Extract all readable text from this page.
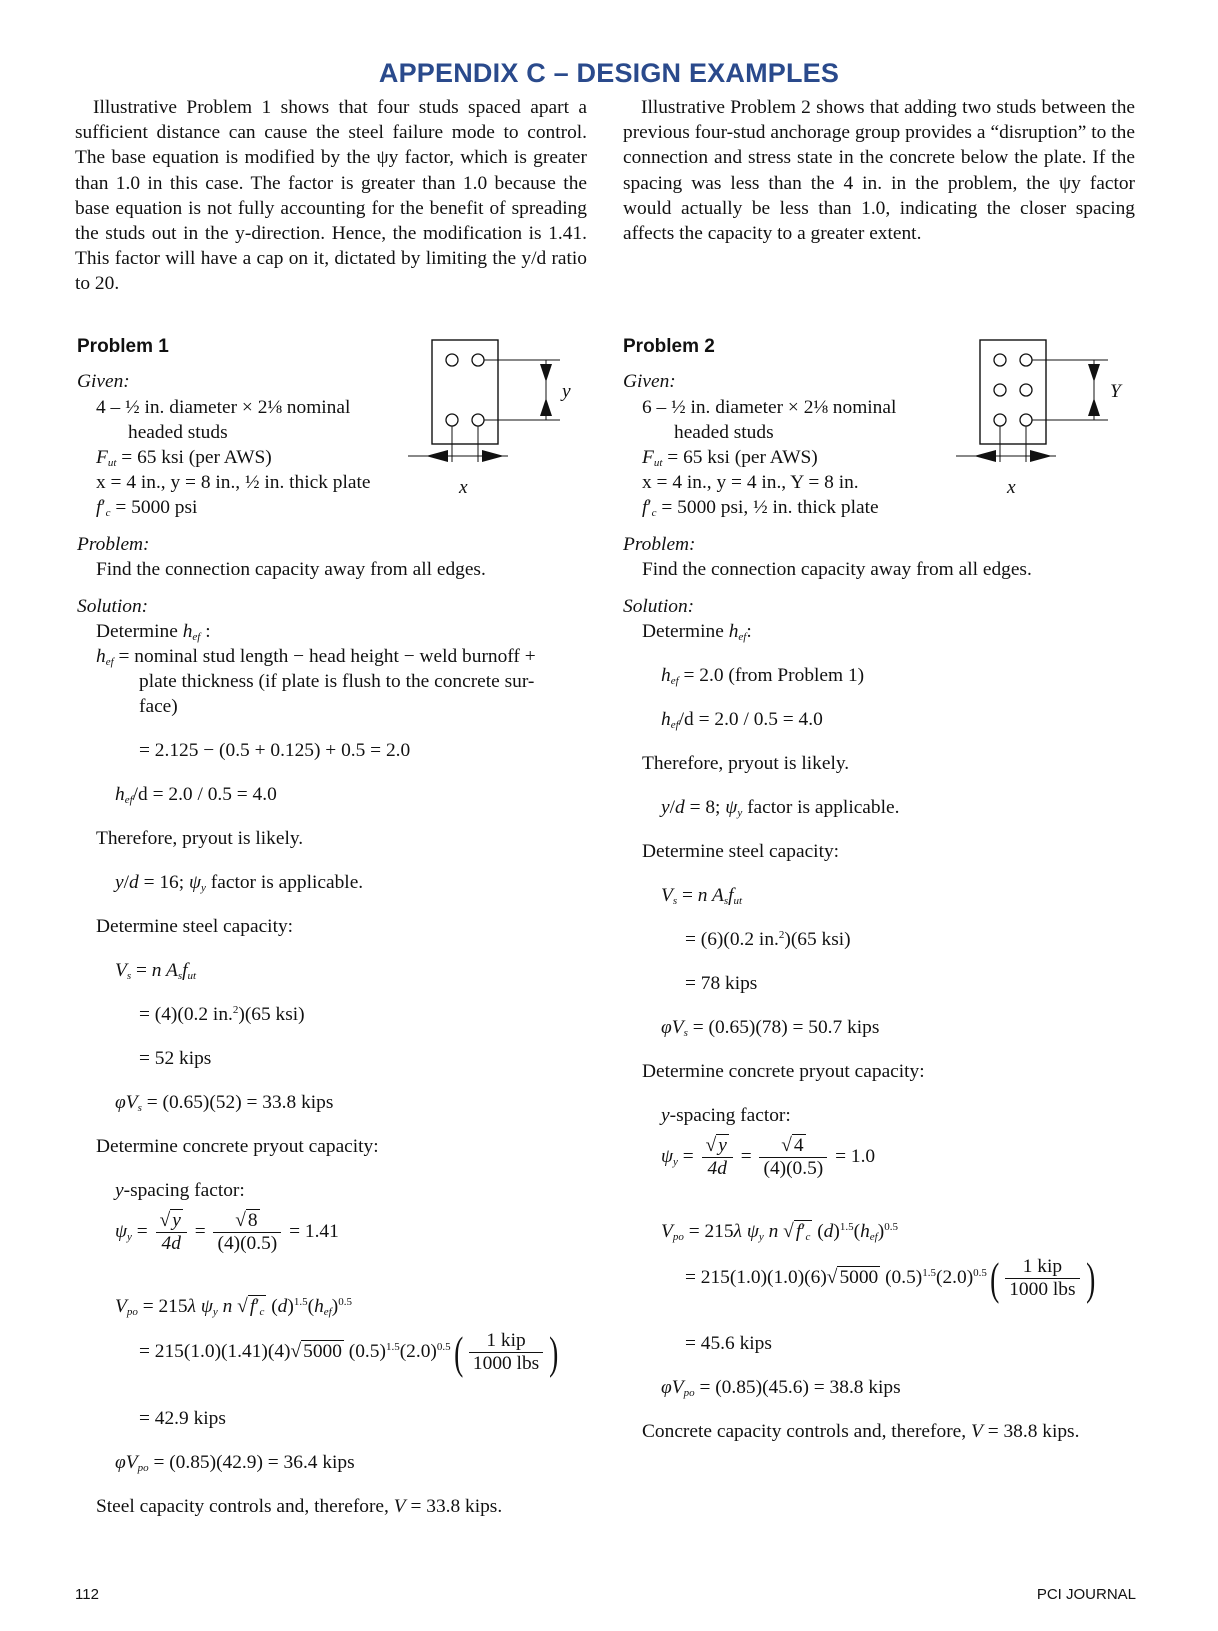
APPENDIX C – DESIGN EXAMPLES

Illustrative Problem 1 shows that four studs spaced apart a sufficient distance can cause the steel failure mode to control. The base equation is modified by the ψy factor, which is greater than 1.0 in this case. The factor is greater than 1.0 because the base equation is not fully accounting for the benefit of spreading the studs out in the y-direction. Hence, the modification is 1.41. This factor will have a cap on it, dictated by limiting the y/d ratio to 20.

Illustrative Problem 2 shows that adding two studs between the previous four-stud anchorage group provides a “disruption” to the connection and stress state in the concrete below the plate. If the spacing was less than the 4 in. in the problem, the ψy factor would actually be less than 1.0, indicating the closer spacing affects the capacity to a greater extent.

Problem 1
Given:
4 – ½ in. diameter × 2⅛ nominal
headed studs
$F_{ut} = 65$ ksi (per AWS)
x = 4 in., y = 8 in., ½ in. thick plate
$f'_c = 5000$ psi
y
x
Problem:
Find the connection capacity away from all edges.
Solution:
Determine $h_{ef}$ :
$h_{ef}$ = nominal stud length − head height − weld burnoff +
plate thickness (if plate is flush to the concrete sur-
face)
= 2.125 − (0.5 + 0.125) + 0.5 = 2.0
$h_{ef}/d = 2.0 / 0.5 = 4.0$
Therefore, pryout is likely.
y/d = 16; $\psi_y$ factor is applicable.
Determine steel capacity:
$V_s = n$ $A_sf_{ut}$
= (4)(0.2 in.$^2$)(65 ksi)
= 52 kips
$\varphi V_s = (0.65)(52) = 33.8$ kips
Determine concrete pryout capacity:
y-spacing factor:
$\psi_y = \frac{√ y}{4d} = \frac{√ 8}{(4)(0.5)} = 1.41$
$V_{po} = 215\lambda$ $\psi_y$ n √ $f'_c$ $(d)^{1.5}(h_{ef})^{0.5}$
= 215(1.0)(1.41)(4)√ 5000 $(0.5)^{1.5}(2.0)^{0.5}( \frac{\text{1 kip}}{\text{1000 lbs}}$ )
= 42.9 kips
$\varphi V_{po} = (0.85)(42.9) = 36.4$ kips
Steel capacity controls and, therefore, V = 33.8 kips.
Problem 2
Given:
6 – ½ in. diameter × 2⅛ nominal
headed studs
$F_{ut} = 65$ ksi (per AWS)
x = 4 in., y = 4 in., Y = 8 in.
$f'_c = 5000$ psi, ½ in. thick plate
Y
x
Problem:
Find the connection capacity away from all edges.
Solution:
Determine $h_{ef}$:
$h_{ef} = 2.0$ (from Problem 1)
$h_{ef}/d = 2.0 / 0.5 = 4.0$
Therefore, pryout is likely.
y/d = 8; $\psi_y$ factor is applicable.
Determine steel capacity:
$V_s = n$ $A_sf_{ut}$
= (6)(0.2 in.$^2$)(65 ksi)
= 78 kips
$\varphi V_s = (0.65)(78) = 50.7$ kips
Determine concrete pryout capacity:
y-spacing factor:
$\psi_y = \frac{√ y}{4d} = \frac{√ 4}{(4)(0.5)} = 1.0$
$V_{po} = 215\lambda$ $\psi_y$ n √ $f'_c$ $(d)^{1.5}(h_{ef})^{0.5}$
= 215(1.0)(1.0)(6)√ 5000 $(0.5)^{1.5}(2.0)^{0.5}( \frac{\text{1 kip}}{\text{1000 lbs}}$ )
= 45.6 kips
$\varphi V_{po} = (0.85)(45.6) = 38.8$ kips
Concrete capacity controls and, therefore, V = 38.8 kips.
112	PCI JOURNAL
